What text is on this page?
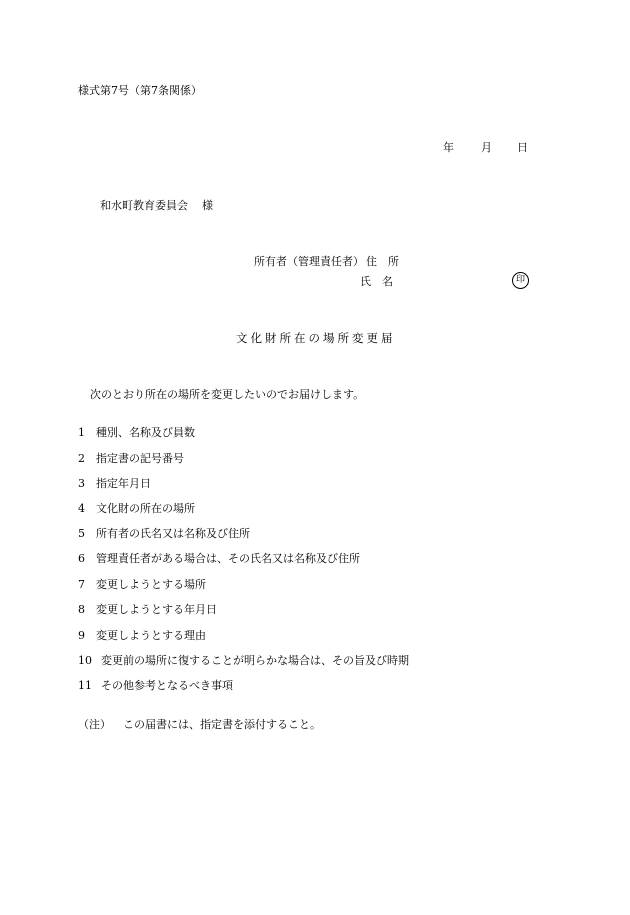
様式第7号（第7条関係）
年 月 日
和水町教育委員会 様
所有者（管理責任者） 住　所
氏　名	印
文化財所在の場所変更届
次のとおり所在の場所を変更したいのでお届けします。
1 種別、名称及び員数
2 指定書の記号番号
3 指定年月日
4 文化財の所在の場所
5 所有者の氏名又は名称及び住所
6 管理責任者がある場合は、その氏名又は名称及び住所
7 変更しようとする場所
8 変更しようとする年月日
9 変更しようとする理由
10 変更前の場所に復することが明らかな場合は、その旨及び時期
11 その他参考となるべき事項
（注） この届書には、指定書を添付すること。
